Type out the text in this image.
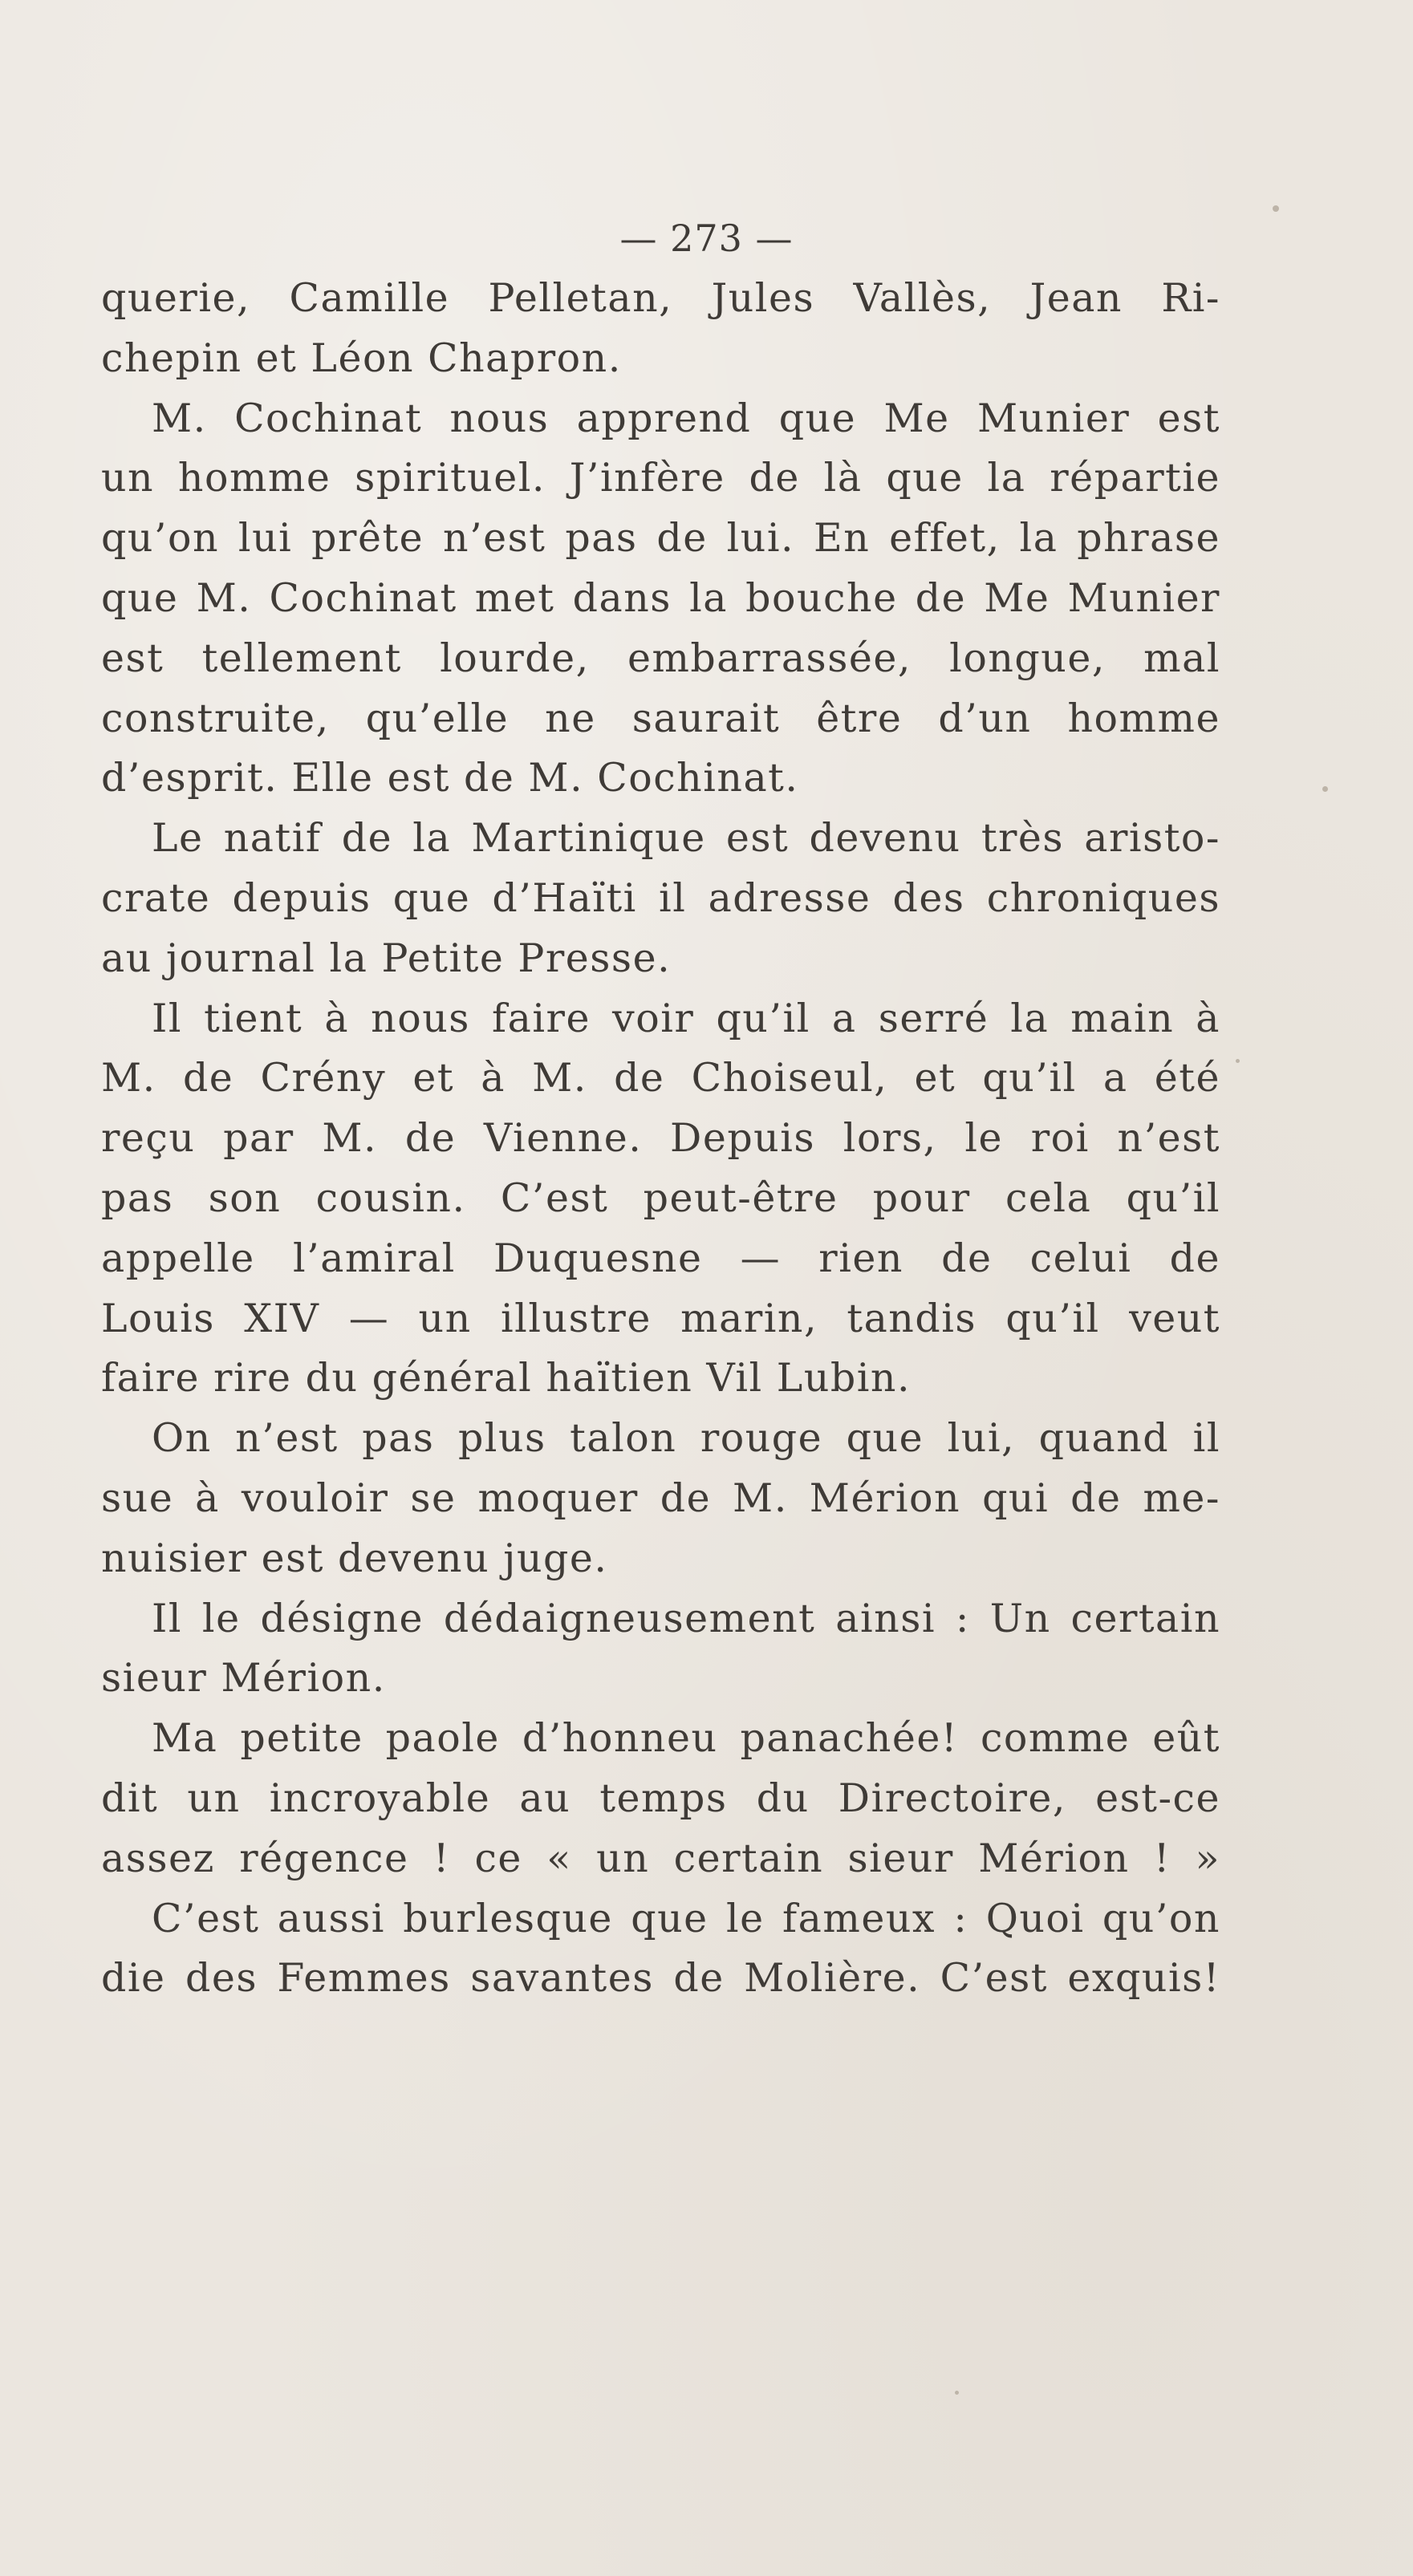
— 273 —
querie, Camille Pelletan, Jules Vallès, Jean Ri-
chepin et Léon Chapron.
M. Cochinat nous apprend que Me Munier est
un homme spirituel. J’infère de là que la répartie
qu’on lui prête n’est pas de lui. En effet, la phrase
que M. Cochinat met dans la bouche de Me Munier
est tellement lourde, embarrassée, longue, mal
construite, qu’elle ne saurait être d’un homme
d’esprit. Elle est de M. Cochinat.
Le natif de la Martinique est devenu très aristo-
crate depuis que d’Haïti il adresse des chroniques
au journal la Petite Presse.
Il tient à nous faire voir qu’il a serré la main à
M. de Crény et à M. de Choiseul, et qu’il a été
reçu par M. de Vienne. Depuis lors, le roi n’est
pas son cousin. C’est peut-être pour cela qu’il
appelle l’amiral Duquesne — rien de celui de
Louis XIV — un illustre marin, tandis qu’il veut
faire rire du général haïtien Vil Lubin.
On n’est pas plus talon rouge que lui, quand il
sue à vouloir se moquer de M. Mérion qui de me-
nuisier est devenu juge.
Il le désigne dédaigneusement ainsi : Un certain
sieur Mérion.
Ma petite paole d’honneu panachée! comme eût
dit un incroyable au temps du Directoire, est-ce
assez régence ! ce « un certain sieur Mérion ! »
C’est aussi burlesque que le fameux : Quoi qu’on
die des Femmes savantes de Molière. C’est exquis!
